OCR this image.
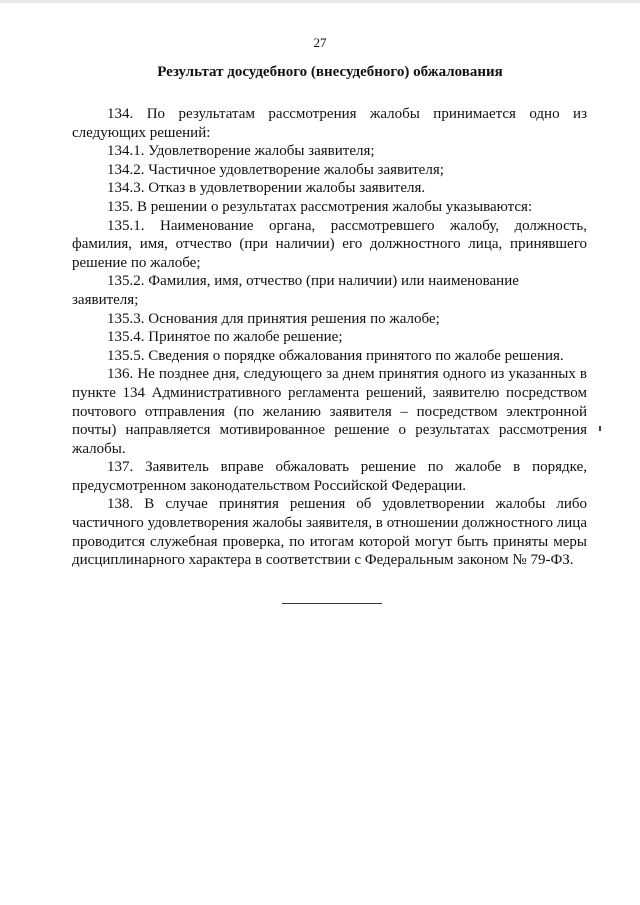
27
Результат досудебного (внесудебного) обжалования

134. По результатам рассмотрения жалобы принимается одно из следующих решений:

134.1. Удовлетворение жалобы заявителя;

134.2. Частичное удовлетворение жалобы заявителя;

134.3. Отказ в удовлетворении жалобы заявителя.

135. В решении о результатах рассмотрения жалобы указываются:

135.1. Наименование органа, рассмотревшего жалобу, должность, фамилия, имя, отчество (при наличии) его должностного лица, принявшего решение по жалобе;

135.2. Фамилия, имя, отчество (при наличии) или наименование заявителя;

135.3. Основания для принятия решения по жалобе;

135.4. Принятое по жалобе решение;

135.5. Сведения о порядке обжалования принятого по жалобе решения.

136. Не позднее дня, следующего за днем принятия одного из указанных в пункте 134 Административного регламента решений, заявителю посредством почтового отправления (по желанию заявителя – посредством электронной почты) направляется мотивированное решение о результатах рассмотрения жалобы.

137. Заявитель вправе обжаловать решение по жалобе в порядке, предусмотренном законодательством Российской Федерации.

138. В случае принятия решения об удовлетворении жалобы либо частичного удовлетворения жалобы заявителя, в отношении должностного лица проводится служебная проверка, по итогам которой могут быть приняты меры дисциплинарного характера в соответствии с Федеральным законом № 79-ФЗ.
